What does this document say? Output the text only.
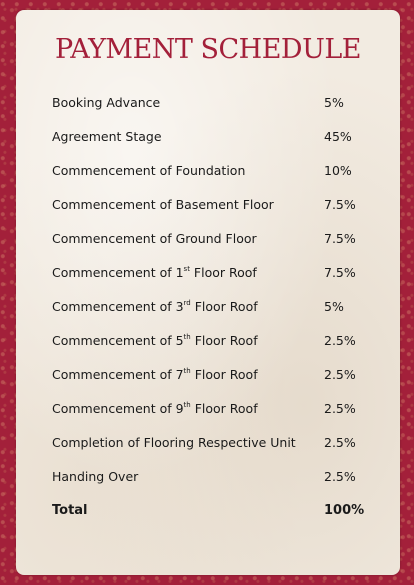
PAYMENT SCHEDULE
Booking Advance	5%
Agreement Stage	45%
Commencement of Foundation	10%
Commencement of Basement Floor	7.5%
Commencement of Ground Floor	7.5%
Commencement of 1st Floor Roof	7.5%
Commencement of 3rd Floor Roof	5%
Commencement of 5th Floor Roof	2.5%
Commencement of 7th Floor Roof	2.5%
Commencement of 9th Floor Roof	2.5%
Completion of Flooring Respective Unit 2.5%
Handing Over	2.5%
Total	100%
